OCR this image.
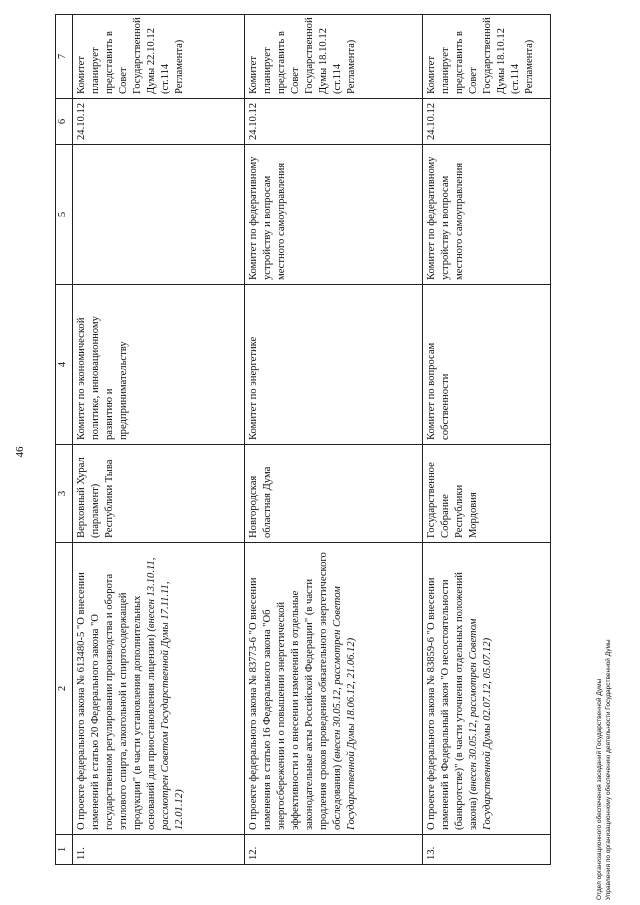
46
1	2	3	4	5	6	7
11.	О проекте федерального закона № 613480-5 "О внесении изменений в статью 20 Федерального закона "О государственном регулировании производства и оборота этилового спирта, алкогольной и спиртосодержащей продукции" (в части установления дополнительных оснований для приостановления лицензии) (внесен 13.10.11, рассмотрен Советом Государственной Думы 17.11.11, 12.01.12)	Верховный Хурал (парламент) Республики Тыва	Комитет по экономической политике, инновационному развитию и предпринимательству		24.10.12	Комитет планирует представить в Совет Государственной Думы 22.10.12 (ст.114 Регламента)
12.	О проекте федерального закона № 83773-6 "О внесении изменения в статью 16 Федерального закона "Об энергосбережении и о повышении энергетической эффективности и о внесении изменений в отдельные законодательные акты Российской Федерации" (в части продления сроков проведения обязательного энергетического обследования) (внесен 30.05.12, рассмотрен Советом Государственной Думы 18.06.12, 21.06.12)	Новгородская областная Дума	Комитет по энергетике	Комитет по федеративному устройству и вопросам местного самоуправления	24.10.12	Комитет планирует представить в Совет Государственной Думы 18.10.12 (ст.114 Регламента)
13.	О проекте федерального закона № 83859-6 "О внесении изменений в Федеральный закон "О несостоятельности (банкротстве)" (в части уточнения отдельных положений закона) (внесен 30.05.12, рассмотрен Советом Государственной Думы 02.07.12, 05.07.12)	Государственное Собрание Республики Мордовия	Комитет по вопросам собственности	Комитет по федеративному устройству и вопросам местного самоуправления	24.10.12	Комитет планирует представить в Совет Государственной Думы 18.10.12 (ст.114 Регламента)
Отдел организационного обеспечения заседаний Государственной Думы Управления по организационному обеспечению деятельности Государственной Думы
